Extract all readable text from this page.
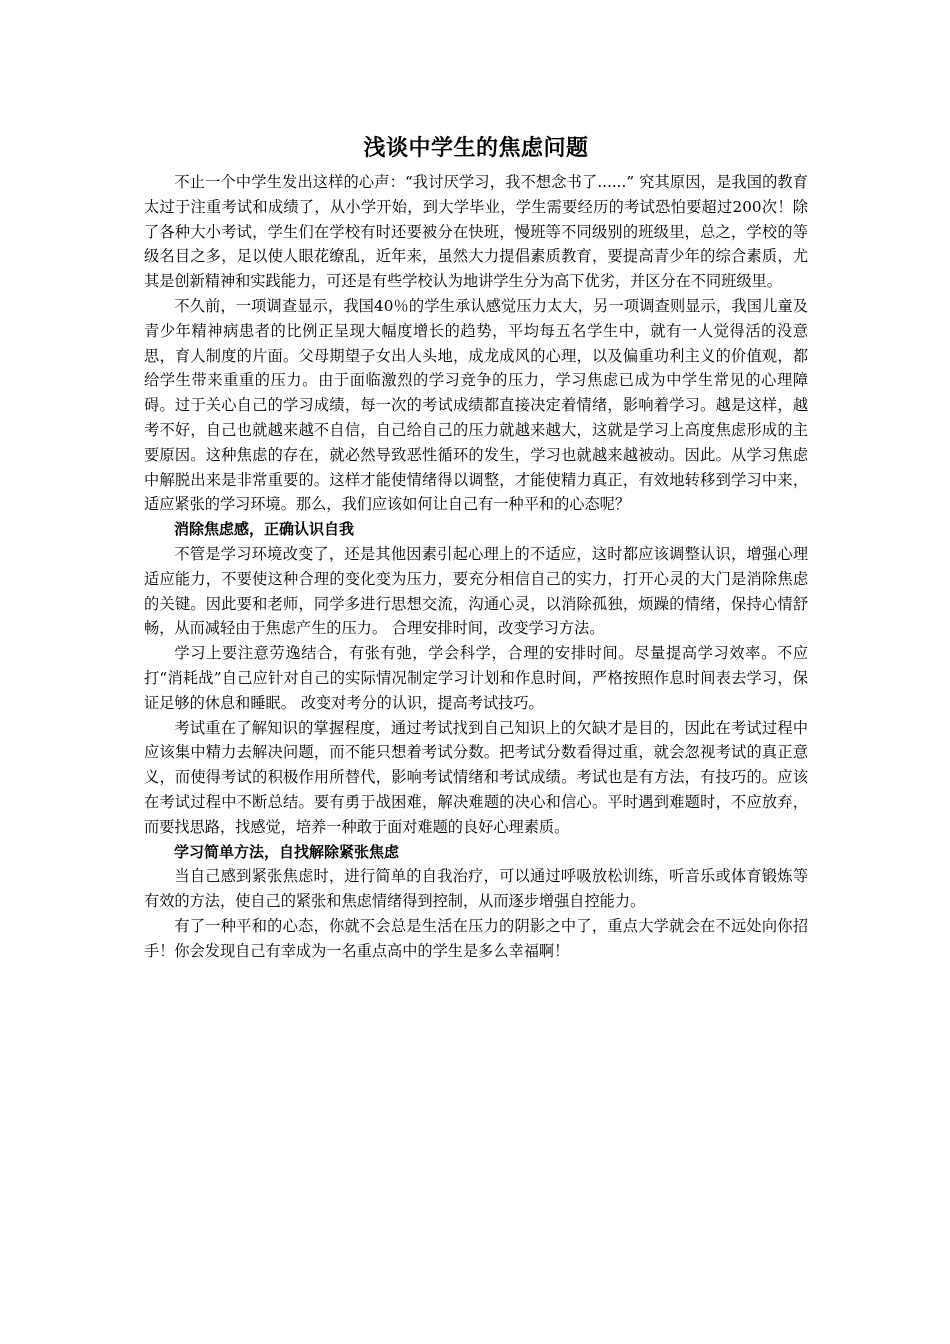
浅谈中学生的焦虑问题

不止一个中学生发出这样的心声：“我讨厌学习，我不想念书了......” 究其原因，是我国的教育太过于注重考试和成绩了，从小学开始，到大学毕业，学生需要经历的考试恐怕要超过200次！除了各种大小考试，学生们在学校有时还要被分在快班，慢班等不同级别的班级里，总之，学校的等级名目之多，足以使人眼花缭乱，近年来，虽然大力提倡素质教育，要提高青少年的综合素质，尤其是创新精神和实践能力，可还是有些学校认为地讲学生分为高下优劣，并区分在不同班级里。

不久前，一项调查显示，我国40％的学生承认感觉压力太大，另一项调查则显示，我国儿童及青少年精神病患者的比例正呈现大幅度增长的趋势，平均每五名学生中，就有一人觉得活的没意思，育人制度的片面。父母期望子女出人头地，成龙成风的心理，以及偏重功利主义的价值观，都给学生带来重重的压力。由于面临激烈的学习竞争的压力，学习焦虑已成为中学生常见的心理障碍。过于关心自己的学习成绩，每一次的考试成绩都直接决定着情绪，影响着学习。越是这样，越考不好，自己也就越来越不自信，自己给自己的压力就越来越大，这就是学习上高度焦虑形成的主要原因。这种焦虑的存在，就必然导致恶性循环的发生，学习也就越来越被动。因此。从学习焦虑中解脱出来是非常重要的。这样才能使情绪得以调整，才能使精力真正，有效地转移到学习中来，适应紧张的学习环境。那么，我们应该如何让自己有一种平和的心态呢？

消除焦虑感，正确认识自我

不管是学习环境改变了，还是其他因素引起心理上的不适应，这时都应该调整认识，增强心理适应能力，不要使这种合理的变化变为压力，要充分相信自己的实力，打开心灵的大门是消除焦虑的关键。因此要和老师，同学多进行思想交流，沟通心灵，以消除孤独，烦躁的情绪，保持心情舒畅，从而减轻由于焦虑产生的压力。 合理安排时间，改变学习方法。

学习上要注意劳逸结合，有张有弛，学会科学，合理的安排时间。尽量提高学习效率。不应打“消耗战”自己应针对自己的实际情况制定学习计划和作息时间，严格按照作息时间表去学习，保证足够的休息和睡眠。 改变对考分的认识，提高考试技巧。

考试重在了解知识的掌握程度，通过考试找到自己知识上的欠缺才是目的，因此在考试过程中应该集中精力去解决问题，而不能只想着考试分数。把考试分数看得过重，就会忽视考试的真正意义，而使得考试的积极作用所替代，影响考试情绪和考试成绩。考试也是有方法，有技巧的。应该在考试过程中不断总结。要有勇于战困难，解决难题的决心和信心。平时遇到难题时，不应放弃，而要找思路，找感觉，培养一种敢于面对难题的良好心理素质。

学习简单方法，自找解除紧张焦虑

当自己感到紧张焦虑时，进行简单的自我治疗，可以通过呼吸放松训练，听音乐或体育锻炼等有效的方法，使自己的紧张和焦虑情绪得到控制，从而逐步增强自控能力。

有了一种平和的心态，你就不会总是生活在压力的阴影之中了，重点大学就会在不远处向你招手！你会发现自己有幸成为一名重点高中的学生是多么幸福啊！
